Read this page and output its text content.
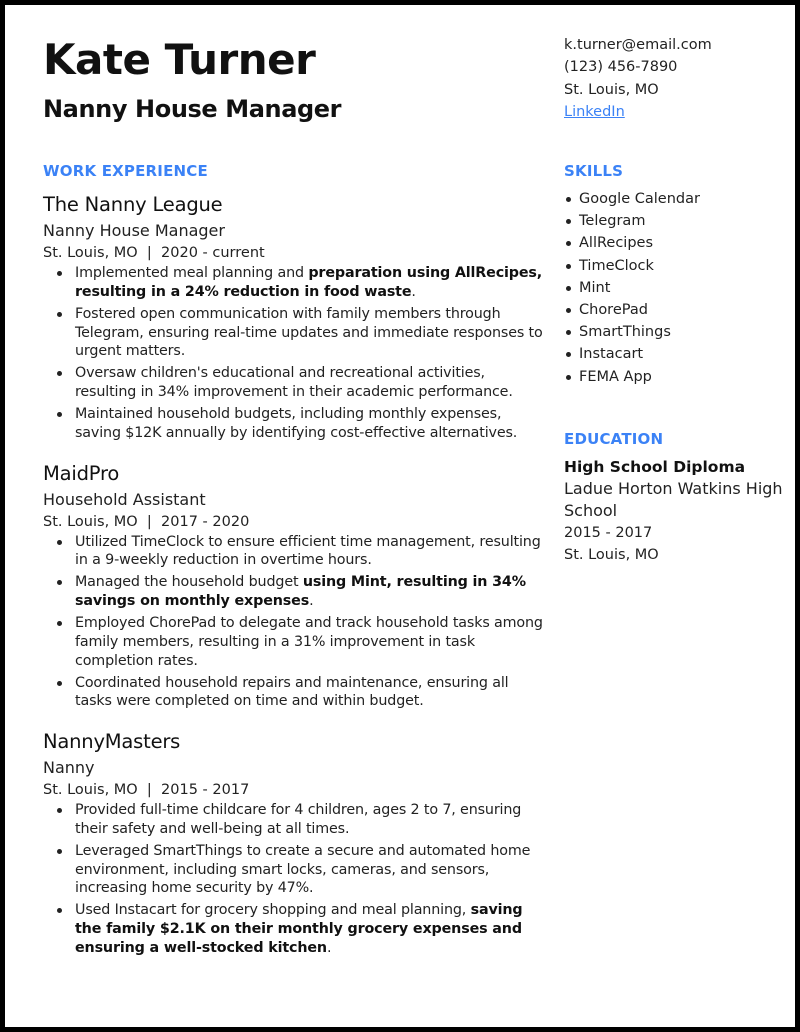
Kate Turner
Nanny House Manager
WORK EXPERIENCE
The Nanny League
Nanny House Manager
St. Louis, MO  |  2020 - current
Implemented meal planning and preparation using AllRecipes, resulting in a 24% reduction in food waste.
Fostered open communication with family members through Telegram, ensuring real-time updates and immediate responses to urgent matters.
Oversaw children's educational and recreational activities, resulting in 34% improvement in their academic performance.
Maintained household budgets, including monthly expenses, saving $12K annually by identifying cost-effective alternatives.
MaidPro
Household Assistant
St. Louis, MO  |  2017 - 2020
Utilized TimeClock to ensure efficient time management, resulting in a 9-weekly reduction in overtime hours.
Managed the household budget using Mint, resulting in 34% savings on monthly expenses.
Employed ChorePad to delegate and track household tasks among family members, resulting in a 31% improvement in task completion rates.
Coordinated household repairs and maintenance, ensuring all tasks were completed on time and within budget.
NannyMasters
Nanny
St. Louis, MO  |  2015 - 2017
Provided full-time childcare for 4 children, ages 2 to 7, ensuring their safety and well-being at all times.
Leveraged SmartThings to create a secure and automated home environment, including smart locks, cameras, and sensors, increasing home security by 47%.
Used Instacart for grocery shopping and meal planning, saving the family $2.1K on their monthly grocery expenses and ensuring a well-stocked kitchen.
k.turner@email.com
(123) 456-7890
St. Louis, MO
LinkedIn
SKILLS
Google Calendar
Telegram
AllRecipes
TimeClock
Mint
ChorePad
SmartThings
Instacart
FEMA App
EDUCATION
High School Diploma
Ladue Horton Watkins High School
2015 - 2017
St. Louis, MO
